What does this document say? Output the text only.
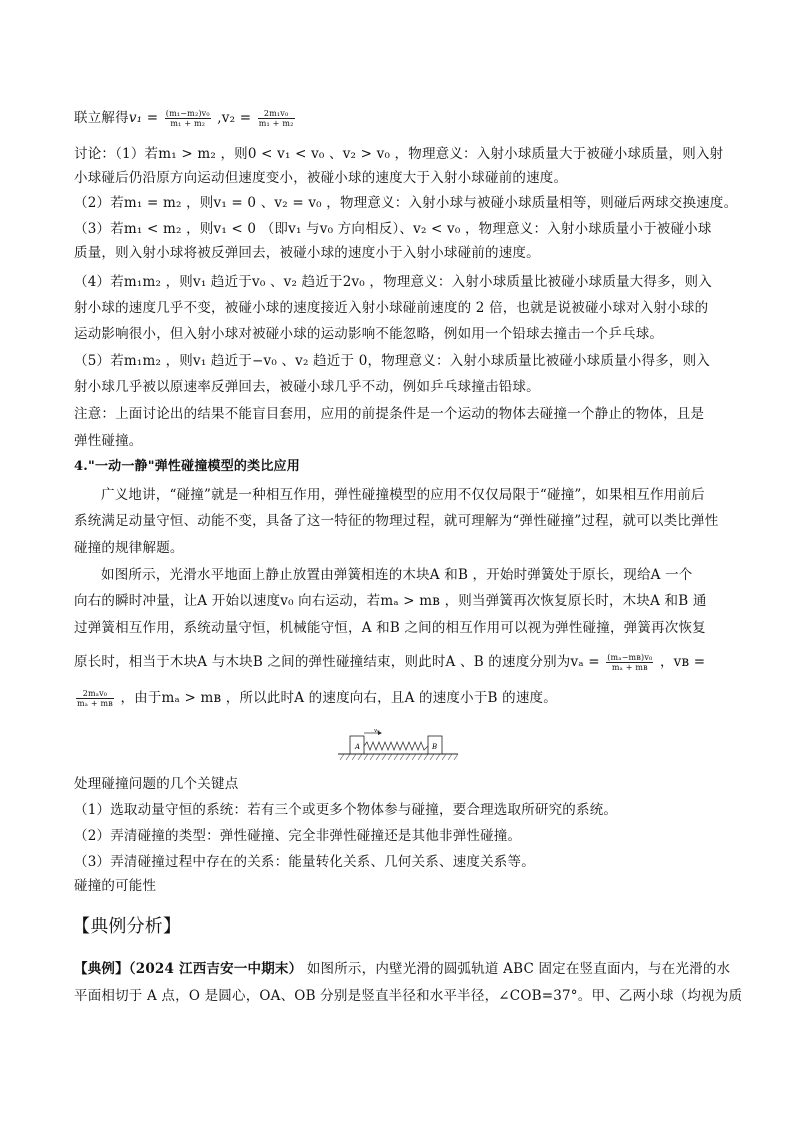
联立解得$v_1 = \frac{\text{(m₁−m₂)v₀}}{\text{m₁ + m₂}} ,v_2 = \frac{\text{2m₁v₀}}{\text{m₁ + m₂}}$
讨论：（1）若m₁ > m₂ ，则0 < v₁ < v₀ 、v₂ > v₀ ，物理意义：入射小球质量大于被碰小球质量，则入射
小球碰后仍沿原方向运动但速度变小，被碰小球的速度大于入射小球碰前的速度。
（2）若m₁ = m₂ ，则v₁ = 0 、v₂ = v₀ ，物理意义：入射小球与被碰小球质量相等，则碰后两球交换速度。
（3）若m₁ < m₂ ，则v₁ < 0 （即v₁ 与v₀ 方向相反）、v₂ < v₀ ，物理意义：入射小球质量小于被碰小球
质量，则入射小球将被反弹回去，被碰小球的速度小于入射小球碰前的速度。
（4）若m₁m₂ ，则v₁ 趋近于v₀ 、v₂ 趋近于2v₀ ，物理意义：入射小球质量比被碰小球质量大得多，则入
射小球的速度几乎不变，被碰小球的速度接近入射小球碰前速度的 2 倍，也就是说被碰小球对入射小球的
运动影响很小，但入射小球对被碰小球的运动影响不能忽略，例如用一个铅球去撞击一个乒乓球。
（5）若m₁m₂ ，则v₁ 趋近于−v₀ 、v₂ 趋近于 0，物理意义：入射小球质量比被碰小球质量小得多，则入
射小球几乎被以原速率反弹回去，被碰小球几乎不动，例如乒乓球撞击铅球。
注意：上面讨论出的结果不能盲目套用，应用的前提条件是一个运动的物体去碰撞一个静止的物体，且是
弹性碰撞。
4."一动一静"弹性碰撞模型的类比应用
广义地讲，“碰撞”就是一种相互作用，弹性碰撞模型的应用不仅仅局限于“碰撞”，如果相互作用前后
系统满足动量守恒、动能不变，具备了这一特征的物理过程，就可理解为“弹性碰撞”过程，就可以类比弹性
碰撞的规律解题。
如图所示，光滑水平地面上静止放置由弹簧相连的木块A 和B ，开始时弹簧处于原长，现给A 一个
向右的瞬时冲量，让A 开始以速度v₀ 向右运动，若mₐ > mʙ ，则当弹簧再次恢复原长时，木块A 和B 通
过弹簧相互作用，系统动量守恒，机械能守恒，A 和B 之间的相互作用可以视为弹性碰撞，弹簧再次恢复
原长时，相当于木块A 与木块B 之间的弹性碰撞结束，则此时A 、B 的速度分别为$v_a = \frac{\text{(mₐ−mʙ)v₀}}{\text{mₐ + mʙ}}$ ，vʙ =
$\frac{\text{2mₐv₀}}{\text{mₐ + mʙ}}$ ，由于mₐ > mʙ ，所以此时A 的速度向右，且A 的速度小于B 的速度。
A	B
v₀
处理碰撞问题的几个关键点
（1）选取动量守恒的系统：若有三个或更多个物体参与碰撞，要合理选取所研究的系统。
（2）弄清碰撞的类型：弹性碰撞、完全非弹性碰撞还是其他非弹性碰撞。
（3）弄清碰撞过程中存在的关系：能量转化关系、几何关系、速度关系等。
碰撞的可能性
【典例分析】
【典例】（2024 江西吉安一中期末） 如图所示，内壁光滑的圆弧轨道 ABC 固定在竖直面内，与在光滑的水
平面相切于 A 点，O 是圆心，OA、OB 分别是竖直半径和水平半径，∠COB=37°。甲、乙两小球（均视为质
